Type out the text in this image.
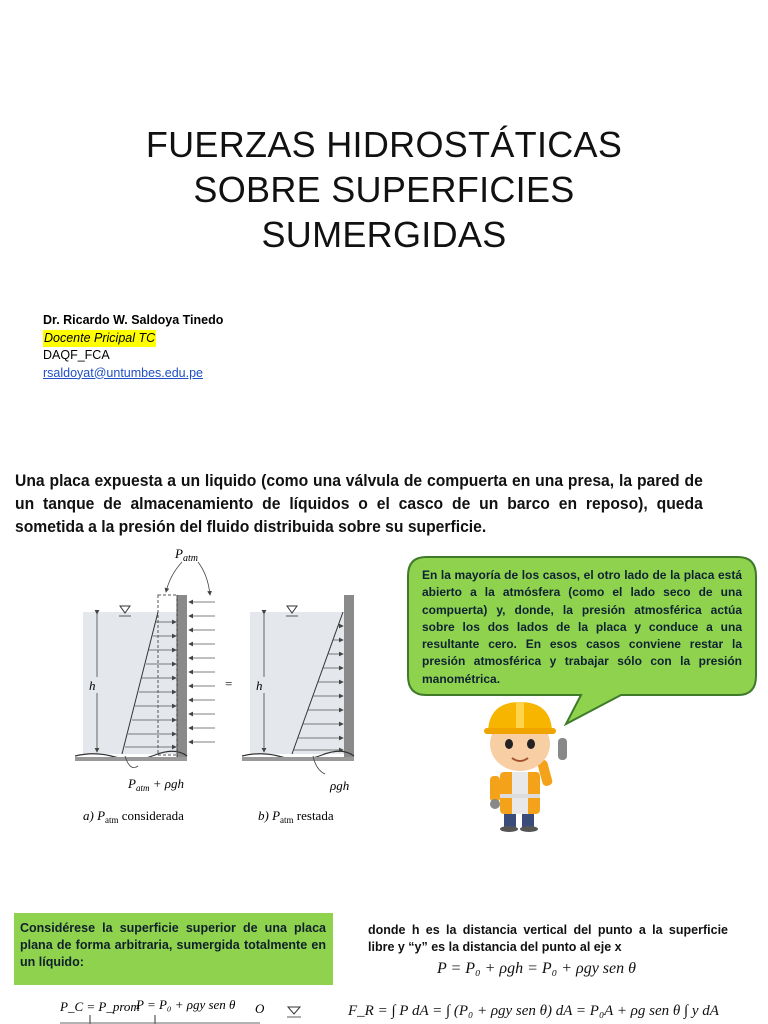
FUERZAS HIDROSTÁTICAS
SOBRE SUPERFICIES
SUMERGIDAS
Dr. Ricardo W. Saldoya Tinedo
Docente Pricipal TC
DAQF_FCA
rsaldoyat@untumbes.edu.pe
Una placa expuesta a un liquido (como una válvula de compuerta en una presa, la pared de un tanque de almacenamiento de líquidos o el casco de un barco en reposo), queda sometida a la presión del fluido distribuida sobre su superficie.
$P_{atm}$
h	= h
$P_{atm} + \rho gh$	ρgh
a) $P_{atm}$ considerada	b) $P_{atm}$ restada
En la mayoría de los casos, el otro lado de la placa está abierto a la atmósfera (como el lado seco de una compuerta) y, donde, la presión atmosférica actúa sobre los dos lados de la placa y conduce a una resultante cero. En esos casos conviene restar la presión atmosférica y trabajar sólo con la presión manométrica.
Considérese la superficie superior de una placa plana de forma arbitraria, sumergida totalmente en un líquido:
donde h es la distancia vertical del punto a la superficie libre y “y” es la distancia del punto al eje x
P = P₀ + ρgh = P₀ + ρgy sen θ
F_R = ∫ P dA = ∫ (P₀ + ρgy sen θ) dA = P₀A + ρg sen θ ∫ y dA
P_C = P_prom
P = P₀ + ρgy sen θ O
